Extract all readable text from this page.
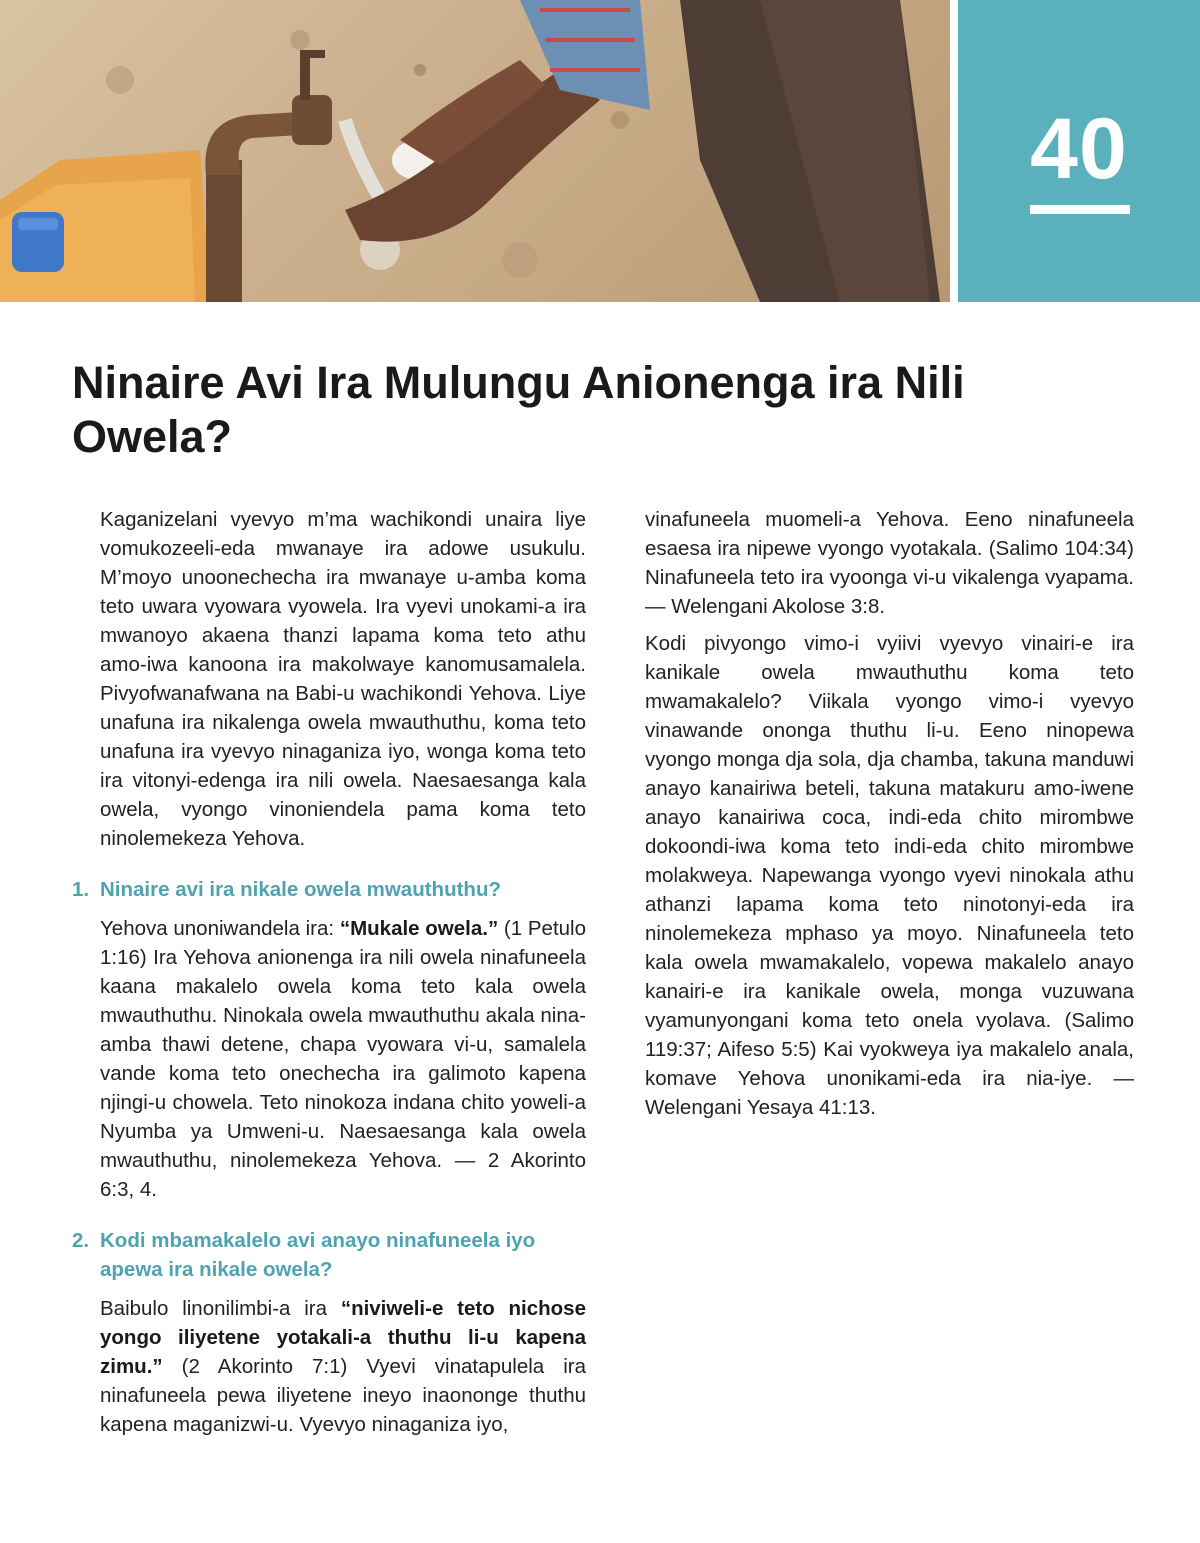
40
Ninaire Avi Ira Mulungu Anionenga ira Nili Owela?

Kaganizelani vyevyo m’ma wachikondi unaira liye vomukozeeli-eda mwanaye ira adowe usukulu. M’moyo unoonechecha ira mwanaye u-amba koma teto uwara vyowara vyowela. Ira vyevi unokami-a ira mwanoyo akaena thanzi lapama koma teto athu amo-iwa kanoona ira makolwaye kanomusamalela. Pivyofwanafwana na Babi-u wachikondi Yehova. Liye unafuna ira nikalenga owela mwauthuthu, koma teto unafuna ira vyevyo ninaganiza iyo, wonga koma teto ira vitonyi-edenga ira nili owela. Naesaesanga kala owela, vyongo vinoniendela pama koma teto ninolemekeza Yehova.

1. Ninaire avi ira nikale owela mwauthuthu?

Yehova unoniwandela ira: “Mukale owela.” (1 Petulo 1:16) Ira Yehova anionenga ira nili owela ninafuneela kaana makalelo owela koma teto kala owela mwauthuthu. Ninokala owela mwauthuthu akala nina-amba thawi detene, chapa vyowara vi-u, samalela vande koma teto onechecha ira galimoto kapena njingi-u chowela. Teto ninokoza indana chito yoweli-a Nyumba ya Umweni-u. Naesaesanga kala owela mwauthuthu, ninolemekeza Yehova. — 2 Akorinto 6:3, 4.

2. Kodi mbamakalelo avi anayo ninafuneela iyo apewa ira nikale owela?

Baibulo linonilimbi-a ira “niviweli-e teto nichose yongo iliyetene yotakali-a thuthu li-u kapena zimu.” (2 Akorinto 7:1) Vyevi vinatapulela ira ninafuneela pewa iliyetene ineyo inaononge thuthu kapena maganizwi-u. Vyevyo ninaganiza iyo,

vinafuneela muomeli-a Yehova. Eeno ninafuneela esaesa ira nipewe vyongo vyotakala. (Salimo 104:34) Ninafuneela teto ira vyoonga vi-u vikalenga vyapama. — Welengani Akolose 3:8.

Kodi pivyongo vimo-i vyiivi vyevyo vinairi-e ira kanikale owela mwauthuthu koma teto mwamakalelo? Viikala vyongo vimo-i vyevyo vinawande ononga thuthu li-u. Eeno ninopewa vyongo monga dja sola, dja chamba, takuna manduwi anayo kanairiwa beteli, takuna matakuru amo-iwene anayo kanairiwa coca, indi-eda chito mirombwe dokoondi-iwa koma teto indi-eda chito mirombwe molakweya. Napewanga vyongo vyevi ninokala athu athanzi lapama koma teto ninotonyi-eda ira ninolemekeza mphaso ya moyo. Ninafuneela teto kala owela mwamakalelo, vopewa makalelo anayo kanairi-e ira kanikale owela, monga vuzuwana vyamunyongani koma teto onela vyolava. (Salimo 119:37; Aifeso 5:5) Kai vyokweya iya makalelo anala, komave Yehova unonikami-eda ira nia-iye. — Welengani Yesaya 41:13.
